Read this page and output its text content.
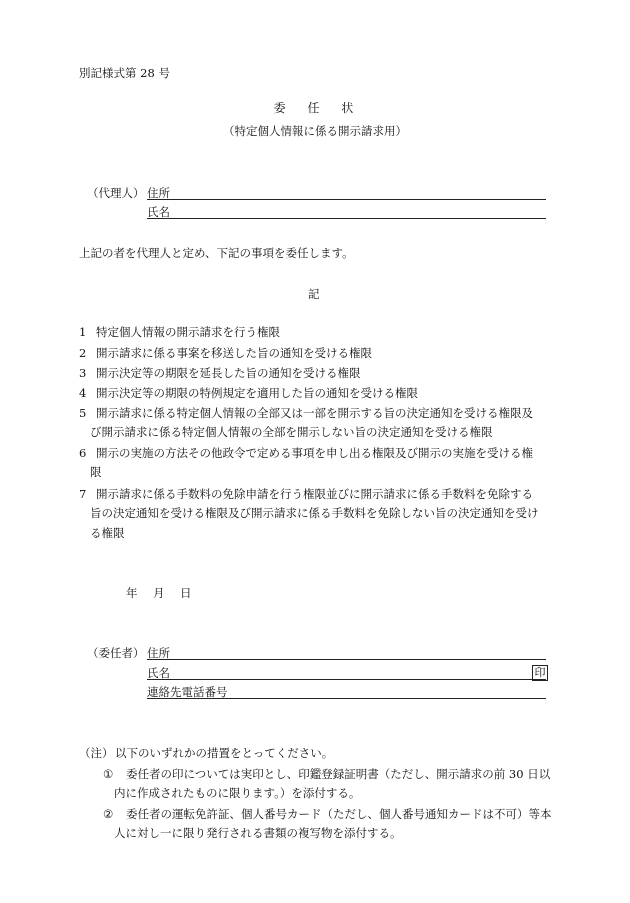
別記様式第 28 号
委 任 状
（特定個人情報に係る開示請求用）
（代理人） 住所
氏名
上記の者を代理人と定め、下記の事項を委任します。
記
1 特定個人情報の開示請求を行う権限
2 開示請求に係る事案を移送した旨の通知を受ける権限
3 開示決定等の期限を延長した旨の通知を受ける権限
4 開示決定等の期限の特例規定を適用した旨の通知を受ける権限
5 開示請求に係る特定個人情報の全部又は一部を開示する旨の決定通知を受ける権限及
び開示請求に係る特定個人情報の全部を開示しない旨の決定通知を受ける権限
6 開示の実施の方法その他政令で定める事項を申し出る権限及び開示の実施を受ける権
限
7 開示請求に係る手数料の免除申請を行う権限並びに開示請求に係る手数料を免除する
旨の決定通知を受ける権限及び開示請求に係る手数料を免除しない旨の決定通知を受け
る権限
年　月　日
（委任者） 住所
氏名	印
連絡先電話番号
（注） 以下のいずれかの措置をとってください。
① 委任者の印については実印とし、印鑑登録証明書（ただし、開示請求の前 30 日以
内に作成されたものに限ります。）を添付する。
② 委任者の運転免許証、個人番号カード（ただし、個人番号通知カードは不可）等本
人に対し一に限り発行される書類の複写物を添付する。
